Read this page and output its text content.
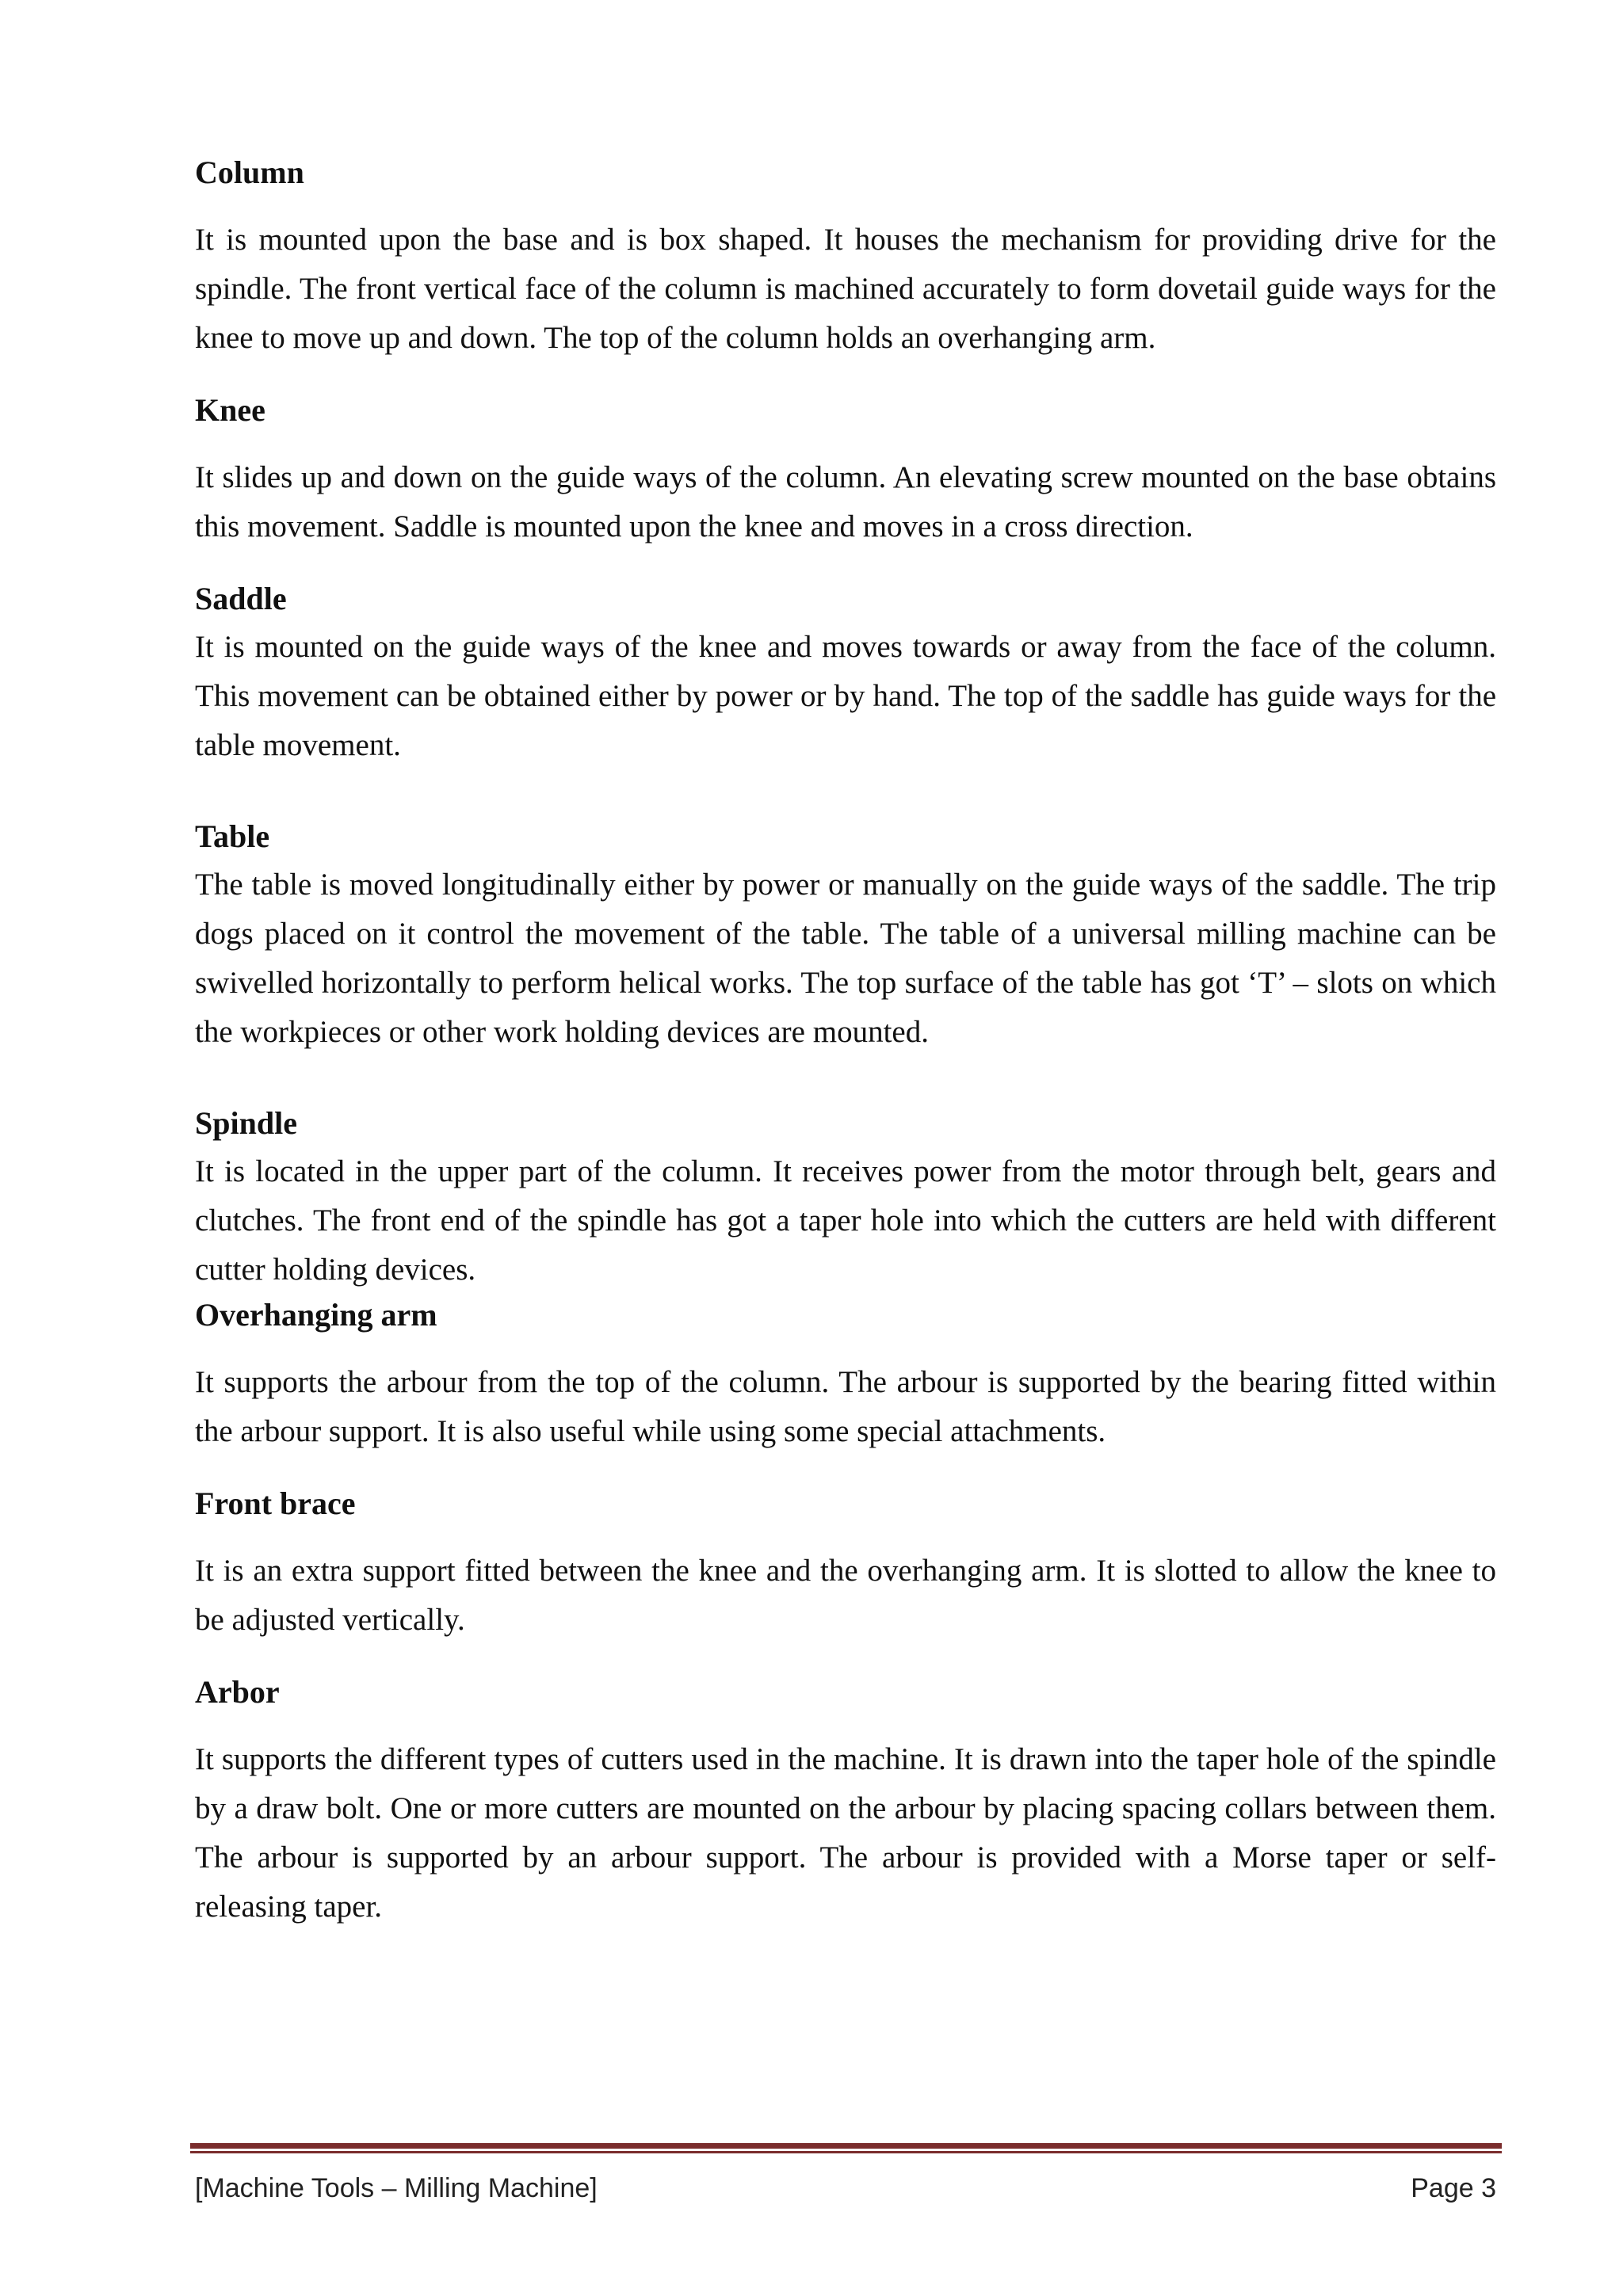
Column

It is mounted upon the base and is box shaped. It houses the mechanism for providing drive for the spindle. The front vertical face of the column is machined accurately to form dovetail guide ways for the knee to move up and down. The top of the column holds an overhanging arm.

Knee

It slides up and down on the guide ways of the column. An elevating screw mounted on the base obtains this movement. Saddle is mounted upon the knee and moves in a cross direction.

Saddle

It is mounted on the guide ways of the knee and moves towards or away from the face of the column. This movement can be obtained either by power or by hand. The top of the saddle has guide ways for the table movement.

Table

The table is moved longitudinally either by power or manually on the guide ways of the saddle. The trip dogs placed on it control the movement of the table. The table of a universal milling machine can be swivelled horizontally to perform helical works. The top surface of the table has got ‘T’ – slots on which the workpieces or other work holding devices are mounted.

Spindle

It is located in the upper part of the column. It receives power from the motor through belt, gears and clutches. The front end of the spindle has got a taper hole into which the cutters are held with different cutter holding devices.

Overhanging arm

It supports the arbour from the top of the column. The arbour is supported by the bearing fitted within the arbour support. It is also useful while using some special attachments.

Front brace

It is an extra support fitted between the knee and the overhanging arm. It is slotted to allow the knee to be adjusted vertically.

Arbor

It supports the different types of cutters used in the machine. It is drawn into the taper hole of the spindle by a draw bolt. One or more cutters are mounted on the arbour by placing spacing collars between them. The arbour is supported by an arbour support. The arbour is provided with a Morse taper or self-releasing taper.

[Machine Tools – Milling Machine]	Page 3
